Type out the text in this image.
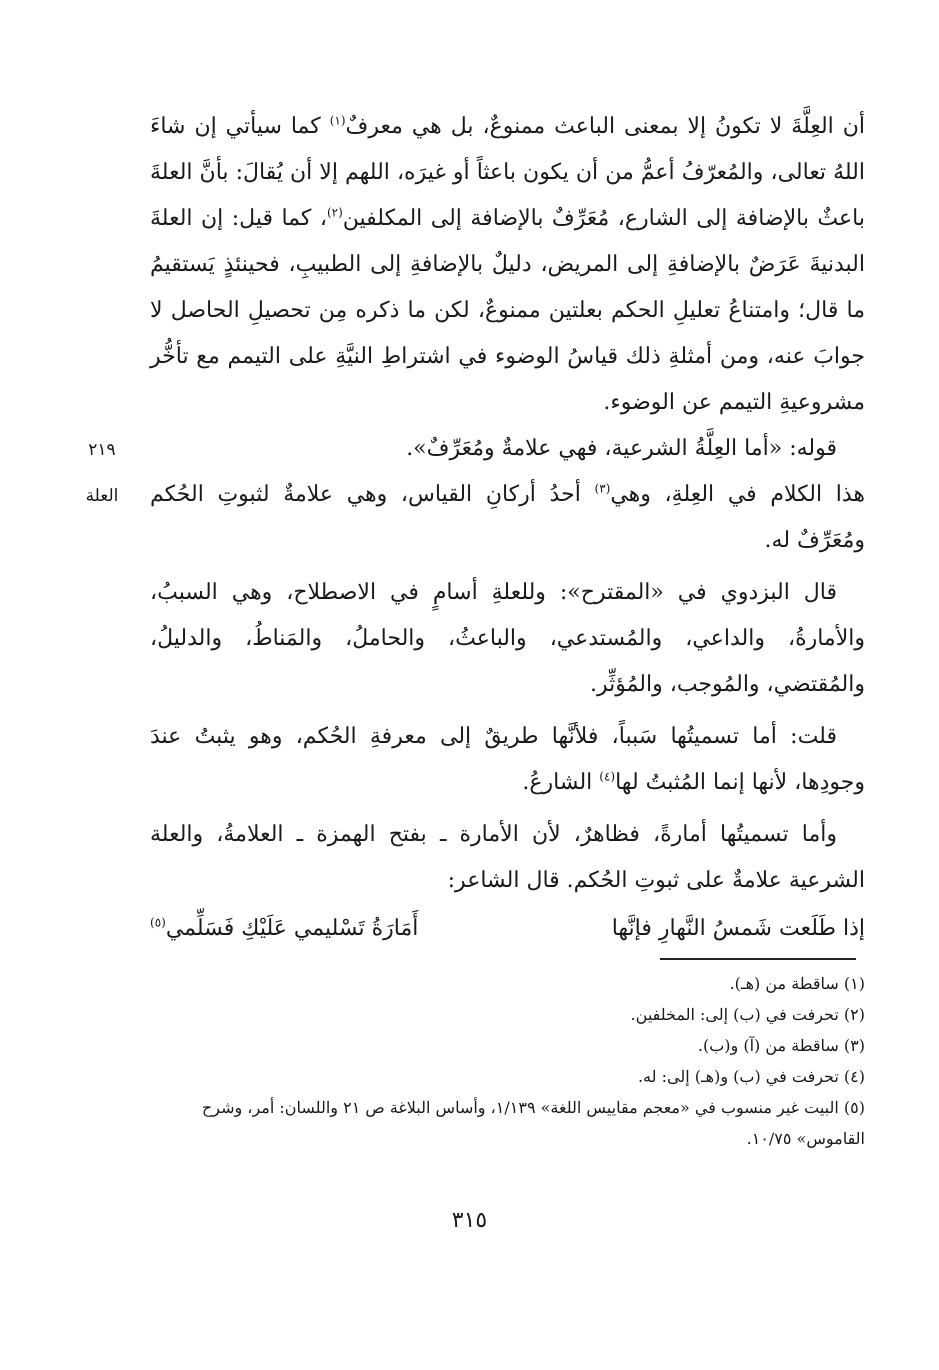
أن العِلَّةَ لا تكونُ إلا بمعنى الباعث ممنوعٌ، بل هي معرفٌ$^{(١)}$ كما سيأتي إن شاءَ اللهُ تعالى، والمُعرّفُ أعمُّ من أن يكون باعثاً أو غيرَه، اللهم إلا أن يُقالَ: بأنَّ العلةَ باعثٌ بالإضافة إلى الشارع، مُعَرِّفٌ بالإضافة إلى المكلفين$^{(٢)}$، كما قيل: إن العلةَ البدنيةَ عَرَضٌ بالإضافةِ إلى المريض، دليلٌ بالإضافةِ إلى الطبيبِ، فحينئذٍ يَستقيمُ ما قال؛ وامتناعُ تعليلِ الحكم بعلتين ممنوعٌ، لكن ما ذكره مِن تحصيلِ الحاصل لا جوابَ عنه، ومن أمثلةِ ذلك قياسُ الوضوء في اشتراطِ النيَّةِ على التيمم مع تأخُّر مشروعيةِ التيمم عن الوضوء.

قوله: «أما العِلَّةُ الشرعية، فهي علامةٌ ومُعَرِّفٌ».

هذا الكلام في العِلةِ، وهي$^{(٣)}$ أحدُ أركانِ القياس، وهي علامةٌ لثبوتِ الحُكم ومُعَرِّفٌ له.

قال البزدوي في «المقترح»: وللعلةِ أسامٍ في الاصطلاح، وهي السببُ، والأمارةُ، والداعي، والمُستدعي، والباعثُ، والحاملُ، والمَناطُ، والدليلُ، والمُقتضي، والمُوجب، والمُؤثِّر.

قلت: أما تسميتُها سَبباً، فلأنَّها طريقٌ إلى معرفةِ الحُكم، وهو يثبتُ عندَ وجودِها، لأنها إنما المُثبتُ لها$^{(٤)}$ الشارعُ.

وأما تسميتُها أمارةً، فظاهرٌ، لأن الأمارة ـ بفتح الهمزة ـ العلامةُ، والعلة الشرعية علامةٌ على ثبوتِ الحُكم. قال الشاعر:

إذا طَلَعت شَمسُ النَّهارِ فإنَّها
أَمَارَةُ تَسْليمي عَلَيْكِ فَسَلِّمي$^{(٥)}$
٢١٩
العلة

(١) ساقطة من (هـ).

(٢) تحرفت في (ب) إلى: المخلفين.

(٣) ساقطة من (آ) و(ب).

(٤) تحرفت في (ب) و(هـ) إلى: له.

(٥) البيت غير منسوب في «معجم مقاييس اللغة» ١/١٣٩، وأساس البلاغة ص ٢١ واللسان: أمر، وشرح القاموس» ١٠/٧٥.

٣١٥
